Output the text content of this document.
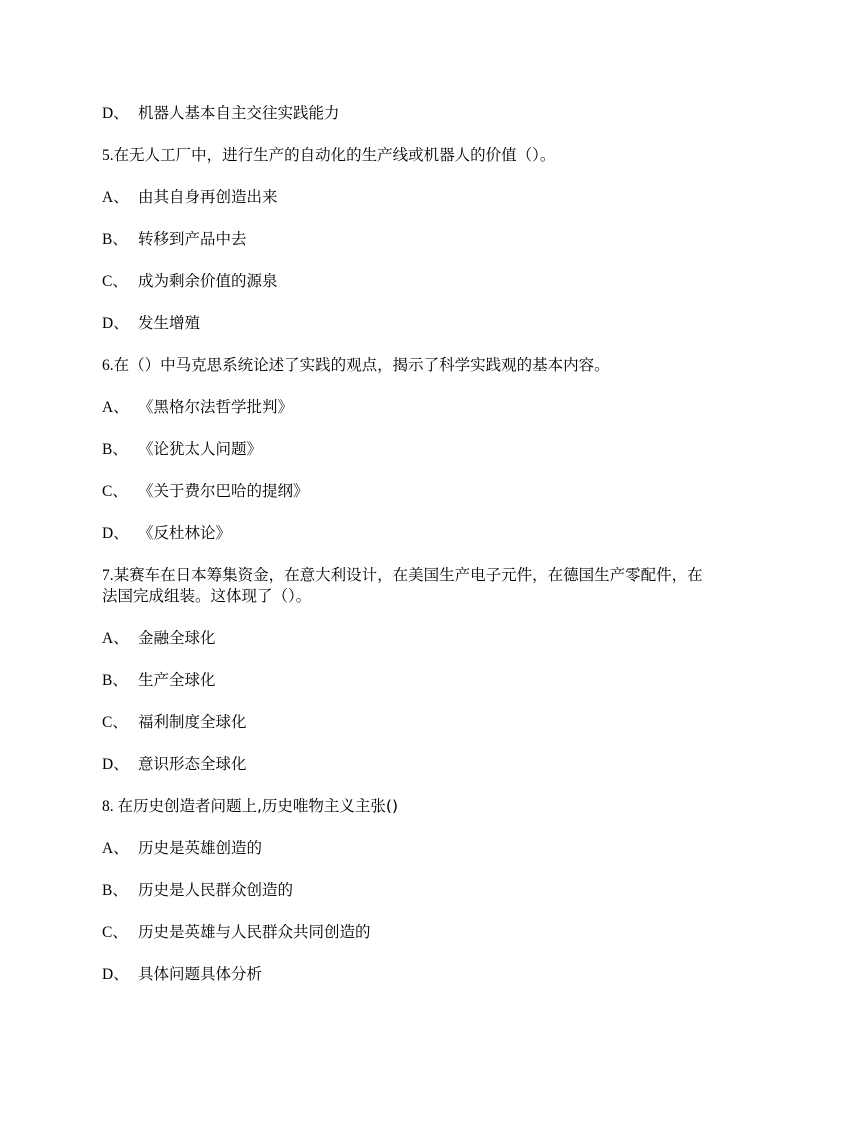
D、 机器人基本自主交往实践能力
5.在无人工厂中，进行生产的自动化的生产线或机器人的价值（）。
A、 由其自身再创造出来
B、 转移到产品中去
C、 成为剩余价值的源泉
D、 发生增殖
6.在（）中马克思系统论述了实践的观点，揭示了科学实践观的基本内容。
A、 《黑格尔法哲学批判》
B、 《论犹太人问题》
C、 《关于费尔巴哈的提纲》
D、 《反杜林论》
7.某赛车在日本筹集资金，在意大利设计，在美国生产电子元件，在德国生产零配件，在
法国完成组装。这体现了（）。
A、 金融全球化
B、 生产全球化
C、 福利制度全球化
D、 意识形态全球化
8. 在历史创造者问题上,历史唯物主义主张()
A、 历史是英雄创造的
B、 历史是人民群众创造的
C、 历史是英雄与人民群众共同创造的
D、 具体问题具体分析
